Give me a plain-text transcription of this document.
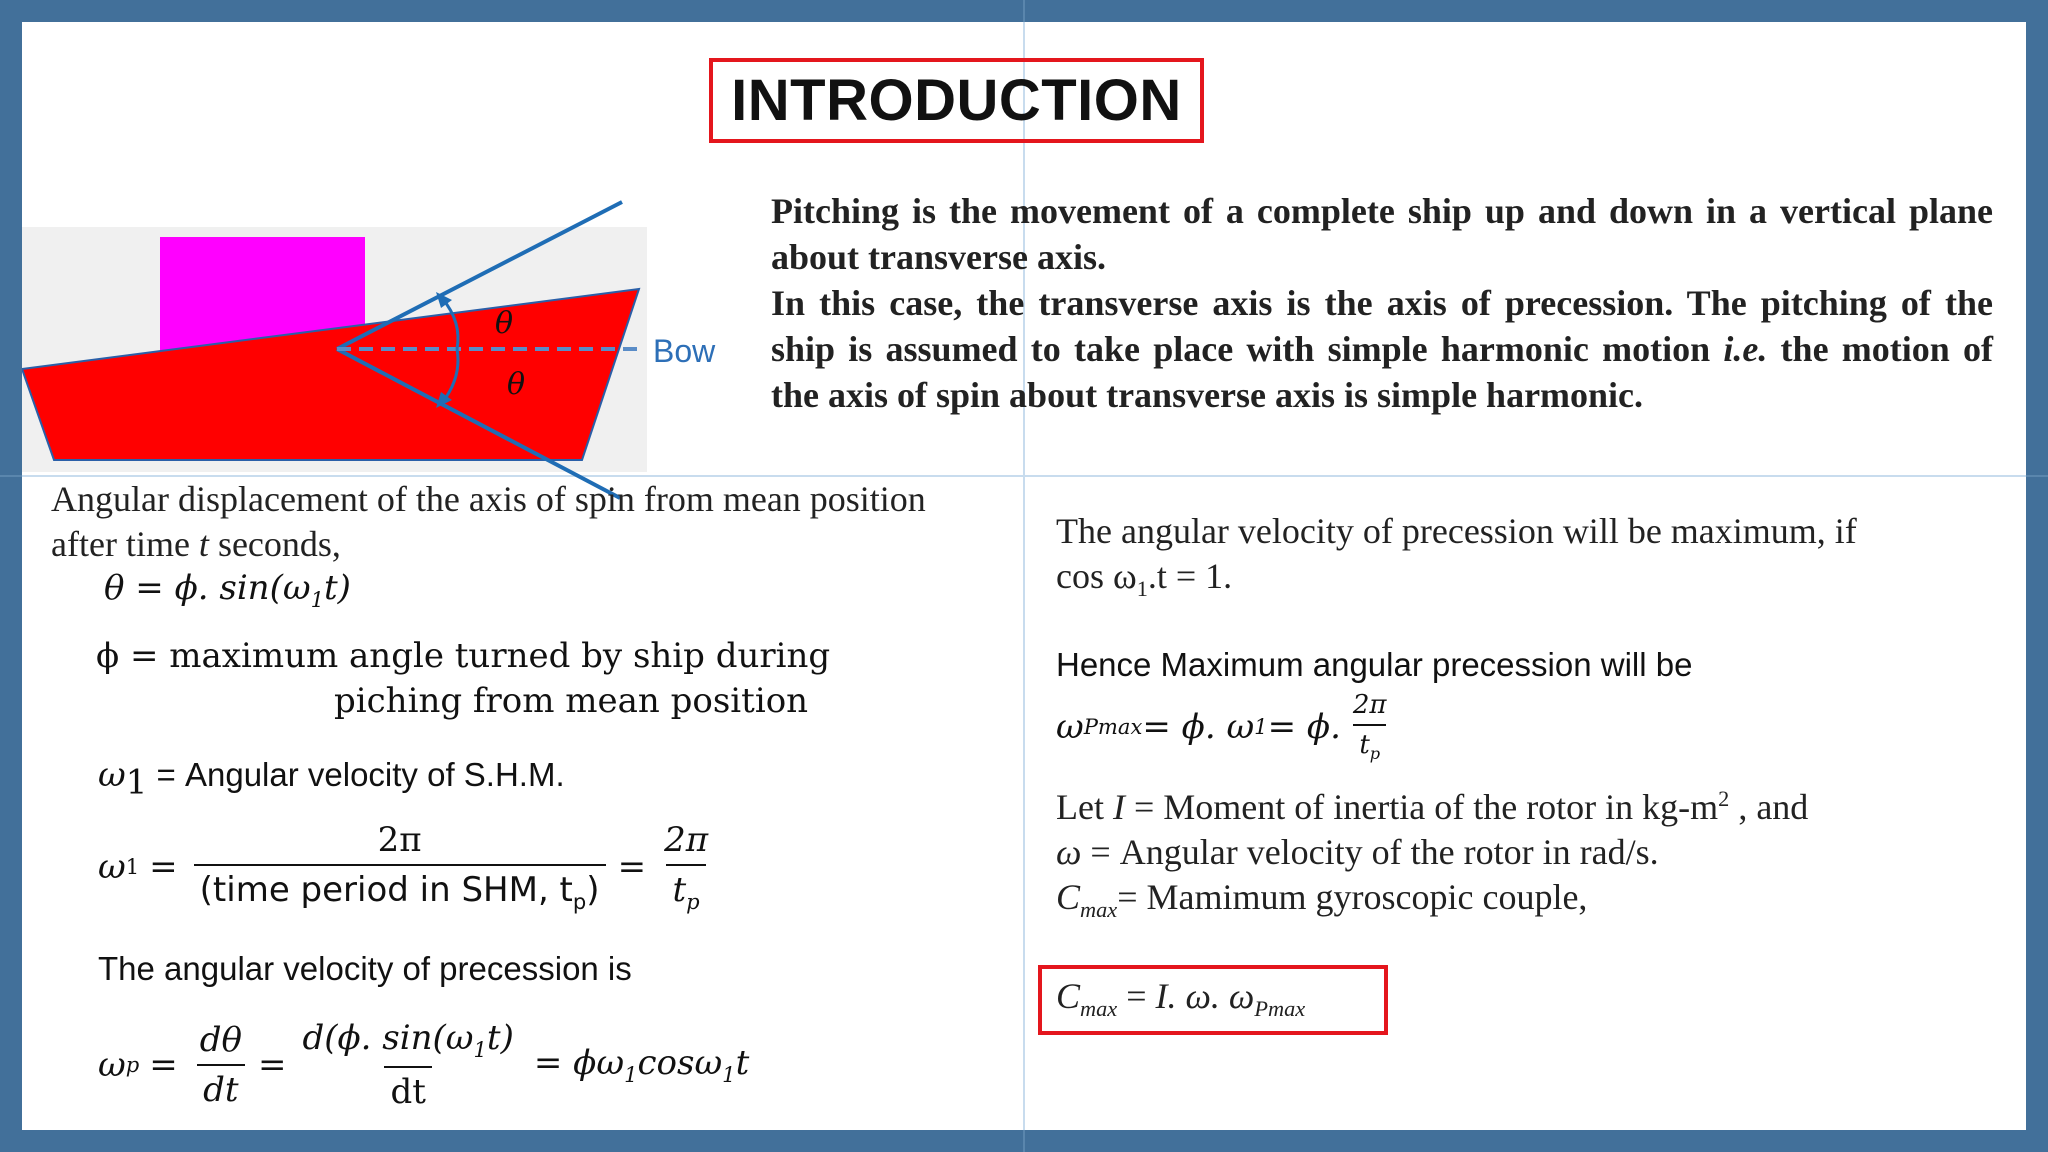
INTRODUCTION
θ
θ
Bow

Pitching is the movement of a complete ship up and down in a vertical plane about transverse axis.

In this case, the transverse axis is the axis of precession. The pitching of the ship is assumed to take place with simple harmonic motion i.e. the motion of the axis of spin about transverse axis is simple harmonic.

Angular displacement of the axis of spin from mean position
after time t seconds,
θ = ϕ. $\sin(\omega_1t)$
ϕ = maximum angle turned by ship during
piching from mean position
$\omega_1$ = Angular velocity of S.H.M.
ω $1 = \frac{2\pi}{(time period in SHM, t_p)} = \frac{2\pi}{t_p}$
The angular velocity of precession is
ω $p = \frac{d\theta}{dt} = \frac{d(\phi. \sin(\omega_1t)}{dt} = \phi\omega_1\cos\omega_1t$
The angular velocity of precession will be maximum, if
$\cos \omega_1.t = 1$.
Hence Maximum angular precession will be
ω Pmax = ϕ. ω 1 = ϕ. $\frac{2\pi}{t_p}$
Let I = Moment of inertia of the rotor in $kg-m^2$ , and
ω = Angular velocity of the rotor in rad/s.
$C_{max}=$ Mamimum gyroscopic couple,
$C_{max} = I$. ω. $\omega_{Pmax}$
